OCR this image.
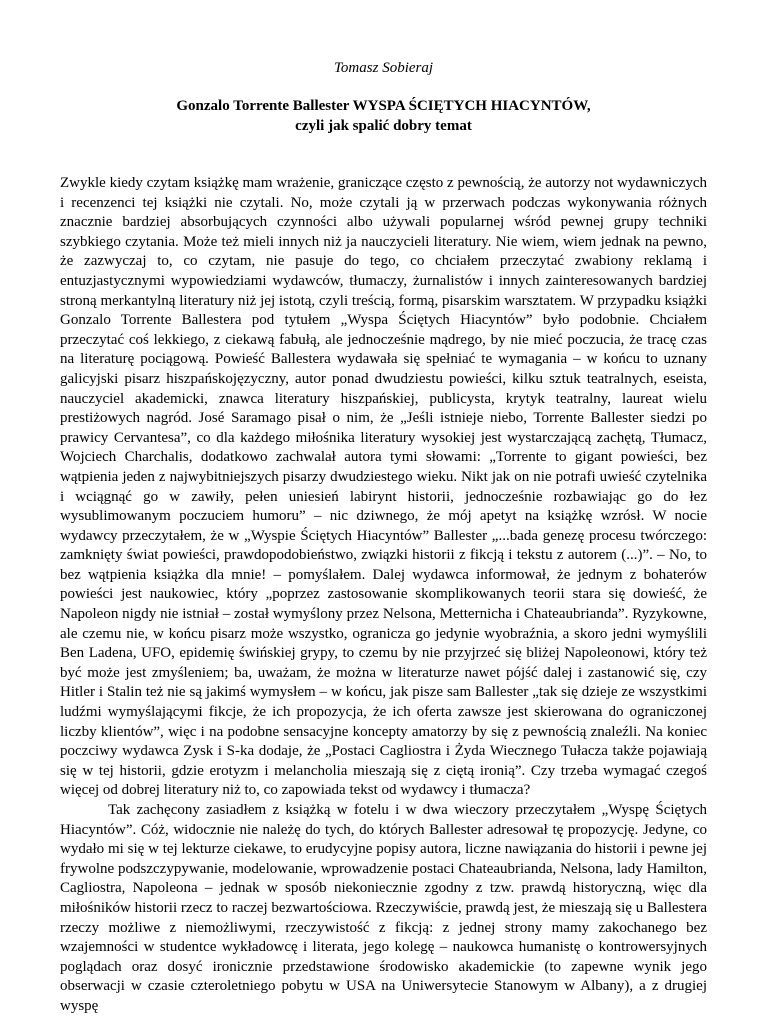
Tomasz Sobieraj

Gonzalo Torrente Ballester WYSPA ŚCIĘTYCH HIACYNTÓW,
czyli jak spalić dobry temat

Zwykle kiedy czytam książkę mam wrażenie, graniczące często z pewnością, że autorzy not wydawniczych i recenzenci tej książki nie czytali. No, może czytali ją w przerwach podczas wykonywania różnych znacznie bardziej absorbujących czynności albo używali popularnej wśród pewnej grupy techniki szybkiego czytania. Może też mieli innych niż ja nauczycieli literatury. Nie wiem, wiem jednak na pewno, że zazwyczaj to, co czytam, nie pasuje do tego, co chciałem przeczytać zwabiony reklamą i entuzjastycznymi wypowiedziami wydawców, tłumaczy, żurnalistów i innych zainteresowanych bardziej stroną merkantylną literatury niż jej istotą, czyli treścią, formą, pisarskim warsztatem. W przypadku książki Gonzalo Torrente Ballestera pod tytułem „Wyspa Ściętych Hiacyntów” było podobnie. Chciałem przeczytać coś lekkiego, z ciekawą fabułą, ale jednocześnie mądrego, by nie mieć poczucia, że tracę czas na literaturę pociągową. Powieść Ballestera wydawała się spełniać te wymagania – w końcu to uznany galicyjski pisarz hiszpańskojęzyczny, autor ponad dwudziestu powieści, kilku sztuk teatralnych, eseista, nauczyciel akademicki, znawca literatury hiszpańskiej, publicysta, krytyk teatralny, laureat wielu prestiżowych nagród. José Saramago pisał o nim, że „Jeśli istnieje niebo, Torrente Ballester siedzi po prawicy Cervantesa”, co dla każdego miłośnika literatury wysokiej jest wystarczającą zachętą, Tłumacz, Wojciech Charchalis, dodatkowo zachwalał autora tymi słowami: „Torrente to gigant powieści, bez wątpienia jeden z najwybitniejszych pisarzy dwudziestego wieku. Nikt jak on nie potrafi uwieść czytelnika i wciągnąć go w zawiły, pełen uniesień labirynt historii, jednocześnie rozbawiając go do łez wysublimowanym poczuciem humoru” – nic dziwnego, że mój apetyt na książkę wzrósł. W nocie wydawcy przeczytałem, że w „Wyspie Ściętych Hiacyntów” Ballester „...bada genezę procesu twórczego: zamknięty świat powieści, prawdopodobieństwo, związki historii z fikcją i tekstu z autorem (...)”. – No, to bez wątpienia książka dla mnie! – pomyślałem. Dalej wydawca informował, że jednym z bohaterów powieści jest naukowiec, który „poprzez zastosowanie skomplikowanych teorii stara się dowieść, że Napoleon nigdy nie istniał – został wymyślony przez Nelsona, Metternicha i Chateaubrianda”. Ryzykowne, ale czemu nie, w końcu pisarz może wszystko, ogranicza go jedynie wyobraźnia, a skoro jedni wymyślili Ben Ladena, UFO, epidemię świńskiej grypy, to czemu by nie przyjrzeć się bliżej Napoleonowi, który też być może jest zmyśleniem; ba, uważam, że można w literaturze nawet pójść dalej i zastanowić się, czy Hitler i Stalin też nie są jakimś wymysłem – w końcu, jak pisze sam Ballester „tak się dzieje ze wszystkimi ludźmi wymyślającymi fikcje, że ich propozycja, że ich oferta zawsze jest skierowana do ograniczonej liczby klientów”, więc i na podobne sensacyjne koncepty amatorzy by się z pewnością znaleźli. Na koniec poczciwy wydawca Zysk i S-ka dodaje, że „Postaci Cagliostra i Żyda Wiecznego Tułacza także pojawiają się w tej historii, gdzie erotyzm i melancholia mieszają się z ciętą ironią”. Czy trzeba wymagać czegoś więcej od dobrej literatury niż to, co zapowiada tekst od wydawcy i tłumacza?

Tak zachęcony zasiadłem z książką w fotelu i w dwa wieczory przeczytałem „Wyspę Ściętych Hiacyntów”. Cóż, widocznie nie należę do tych, do których Ballester adresował tę propozycję. Jedyne, co wydało mi się w tej lekturze ciekawe, to erudycyjne popisy autora, liczne nawiązania do historii i pewne jej frywolne podszczypywanie, modelowanie, wprowadzenie postaci Chateaubrianda, Nelsona, lady Hamilton, Cagliostra, Napoleona – jednak w sposób niekoniecznie zgodny z tzw. prawdą historyczną, więc dla miłośników historii rzecz to raczej bezwartościowa. Rzeczywiście, prawdą jest, że mieszają się u Ballestera rzeczy możliwe z niemożliwymi, rzeczywistość z fikcją: z jednej strony mamy zakochanego bez wzajemności w studentce wykładowcę i literata, jego kolegę – naukowca humanistę o kontrowersyjnych poglądach oraz dosyć ironicznie przedstawione środowisko akademickie (to zapewne wynik jego obserwacji w czasie czteroletniego pobytu w USA na Uniwersytecie Stanowym w Albany), a z drugiej wyspę
